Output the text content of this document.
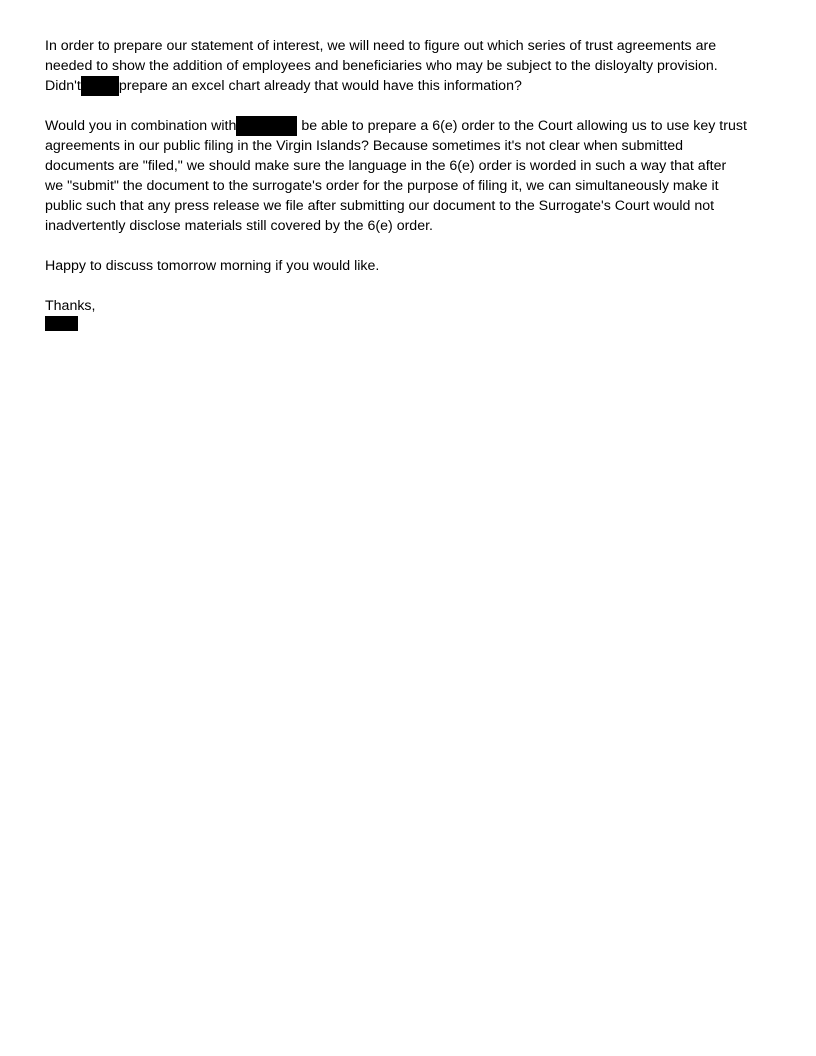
In order to prepare our statement of interest, we will need to figure out which series of trust agreements are
needed to show the addition of employees and beneficiaries who may be subject to the disloyalty provision.
Didn't	prepare an excel chart already that would have this information?
Would you in combination with	be able to prepare a 6(e) order to the Court allowing us to use key trust
agreements in our public filing in the Virgin Islands? Because sometimes it's not clear when submitted
documents are "filed," we should make sure the language in the 6(e) order is worded in such a way that after
we "submit" the document to the surrogate's order for the purpose of filing it, we can simultaneously make it
public such that any press release we file after submitting our document to the Surrogate's Court would not
inadvertently disclose materials still covered by the 6(e) order.
Happy to discuss tomorrow morning if you would like.
Thanks,
